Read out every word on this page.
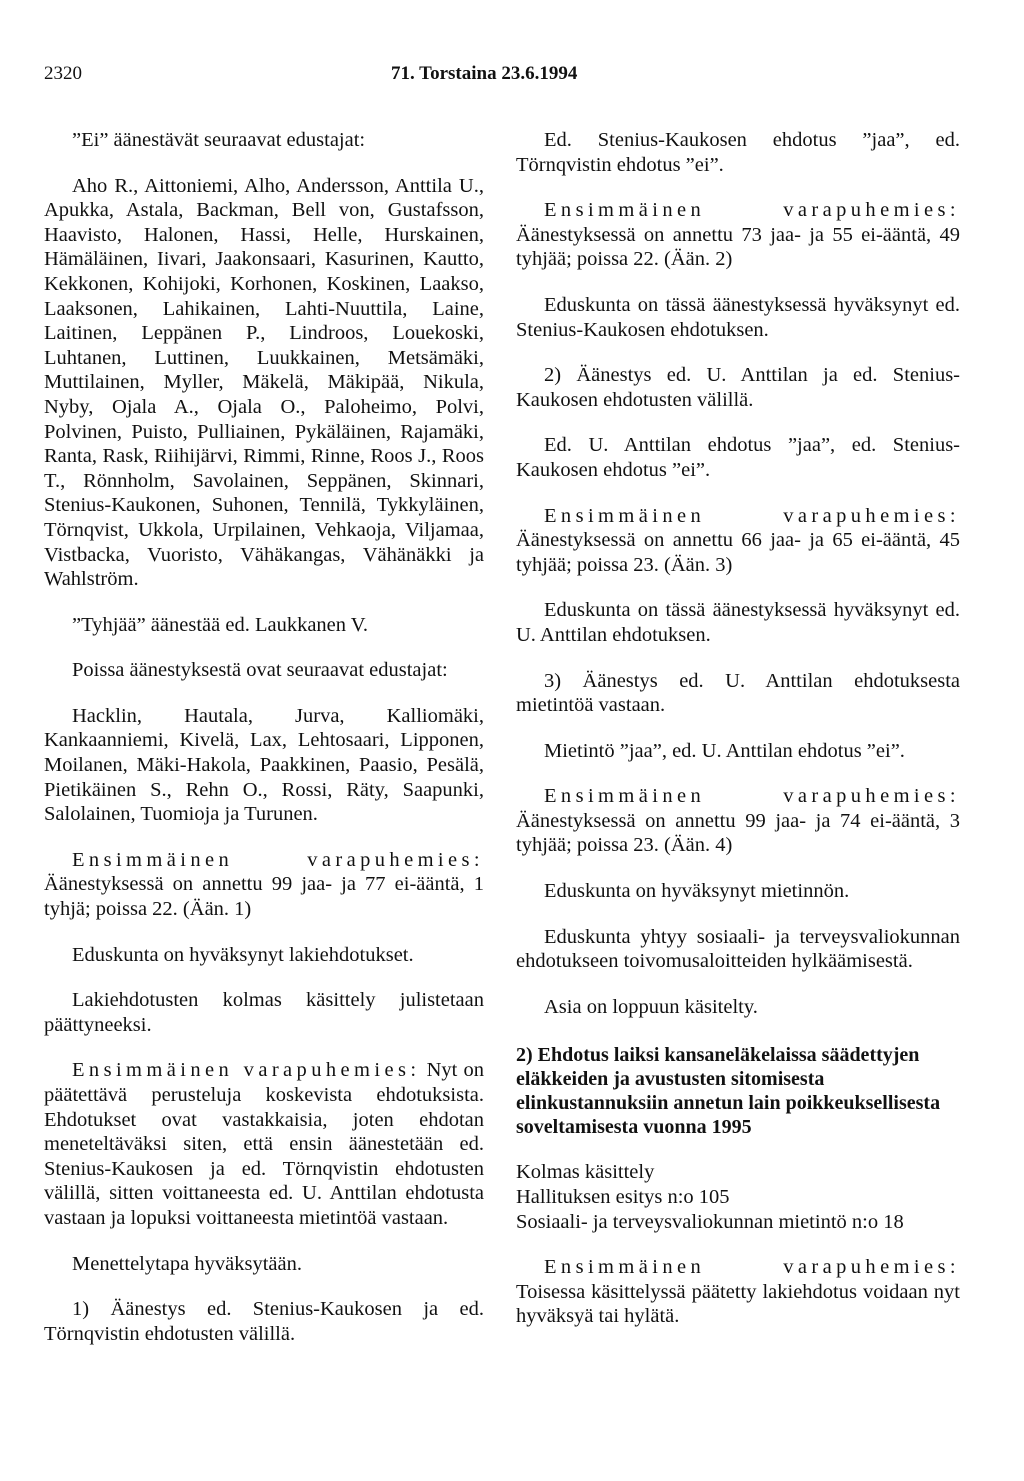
2320	71. Torstaina 23.6.1994

”Ei” äänestävät seuraavat edustajat:

Aho R., Aittoniemi, Alho, Andersson, Anttila U., Apukka, Astala, Backman, Bell von, Gustafsson, Haavisto, Halonen, Hassi, Helle, Hurskainen, Hämäläinen, Iivari, Jaakonsaari, Kasurinen, Kautto, Kekkonen, Kohijoki, Korhonen, Koskinen, Laakso, Laaksonen, Lahikainen, Lahti-Nuuttila, Laine, Laitinen, Leppänen P., Lindroos, Louekoski, Luhtanen, Luttinen, Luukkainen, Metsämäki, Muttilainen, Myller, Mäkelä, Mäkipää, Nikula, Nyby, Ojala A., Ojala O., Paloheimo, Polvi, Polvinen, Puisto, Pulliainen, Pykäläinen, Rajamäki, Ranta, Rask, Riihijärvi, Rimmi, Rinne, Roos J., Roos T., Rönnholm, Savolainen, Seppänen, Skinnari, Stenius-Kaukonen, Suhonen, Tennilä, Tykkyläinen, Törnqvist, Ukkola, Urpilainen, Vehkaoja, Viljamaa, Vistbacka, Vuoristo, Vähäkangas, Vähänäkki ja Wahlström.

”Tyhjää” äänestää ed. Laukkanen V.

Poissa äänestyksestä ovat seuraavat edustajat:

Hacklin, Hautala, Jurva, Kalliomäki, Kankaanniemi, Kivelä, Lax, Lehtosaari, Lipponen, Moilanen, Mäki-Hakola, Paakkinen, Paasio, Pesälä, Pietikäinen S., Rehn O., Rossi, Räty, Saapunki, Salolainen, Tuomioja ja Turunen.

Ensimmäinen varapuhemies: Äänestyksessä on annettu 99 jaa- ja 77 ei-ääntä, 1 tyhjä; poissa 22. (Ään. 1)

Eduskunta on hyväksynyt lakiehdotukset.

Lakiehdotusten kolmas käsittely julistetaan päättyneeksi.

Ensimmäinen varapuhemies: Nyt on päätettävä perusteluja koskevista ehdotuksista. Ehdotukset ovat vastakkaisia, joten ehdotan meneteltäväksi siten, että ensin äänestetään ed. Stenius-Kaukosen ja ed. Törnqvistin ehdotusten välillä, sitten voittaneesta ed. U. Anttilan ehdotusta vastaan ja lopuksi voittaneesta mietintöä vastaan.

Menettelytapa hyväksytään.

1) Äänestys ed. Stenius-Kaukosen ja ed. Törnqvistin ehdotusten välillä.

Ed. Stenius-Kaukosen ehdotus ”jaa”, ed. Törnqvistin ehdotus ”ei”.

Ensimmäinen varapuhemies: Äänestyksessä on annettu 73 jaa- ja 55 ei-ääntä, 49 tyhjää; poissa 22. (Ään. 2)

Eduskunta on tässä äänestyksessä hyväksynyt ed. Stenius-Kaukosen ehdotuksen.

2) Äänestys ed. U. Anttilan ja ed. Stenius-Kaukosen ehdotusten välillä.

Ed. U. Anttilan ehdotus ”jaa”, ed. Stenius-Kaukosen ehdotus ”ei”.

Ensimmäinen varapuhemies: Äänestyksessä on annettu 66 jaa- ja 65 ei-ääntä, 45 tyhjää; poissa 23. (Ään. 3)

Eduskunta on tässä äänestyksessä hyväksynyt ed. U. Anttilan ehdotuksen.

3) Äänestys ed. U. Anttilan ehdotuksesta mietintöä vastaan.

Mietintö ”jaa”, ed. U. Anttilan ehdotus ”ei”.

Ensimmäinen varapuhemies: Äänestyksessä on annettu 99 jaa- ja 74 ei-ääntä, 3 tyhjää; poissa 23. (Ään. 4)

Eduskunta on hyväksynyt mietinnön.

Eduskunta yhtyy sosiaali- ja terveysvaliokunnan ehdotukseen toivomusaloitteiden hylkäämisestä.

Asia on loppuun käsitelty.

2) Ehdotus laiksi kansaneläkelaissa säädettyjen eläkkeiden ja avustusten sitomisesta elinkustannuksiin annetun lain poikkeuksellisesta soveltamisesta vuonna 1995

Kolmas käsittely
Hallituksen esitys n:o 105
Sosiaali- ja terveysvaliokunnan mietintö n:o 18

Ensimmäinen varapuhemies: Toisessa käsittelyssä päätetty lakiehdotus voidaan nyt hyväksyä tai hylätä.
